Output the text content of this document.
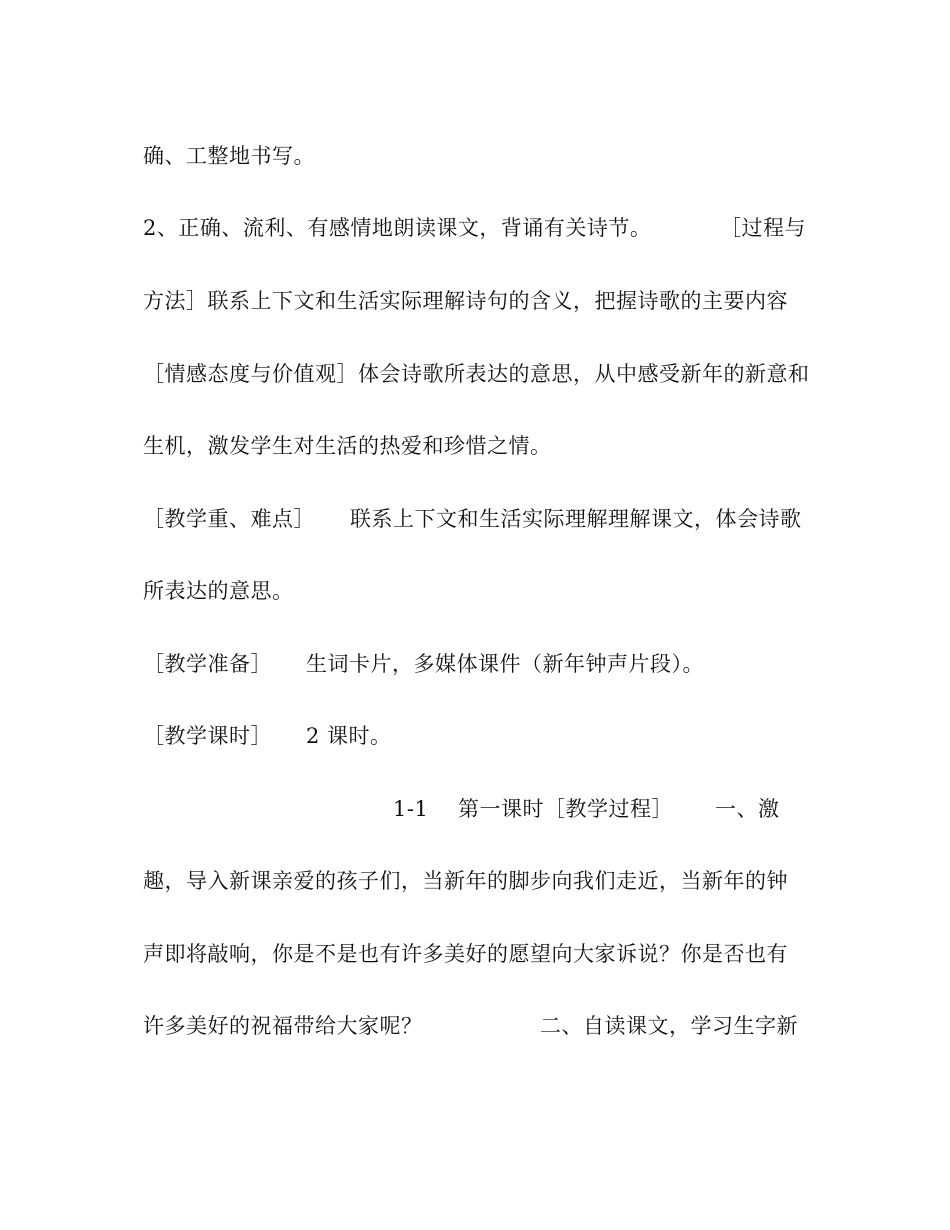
确、工整地书写。

2、正确、流利、有感情地朗读课文，背诵有关诗节。

	［过程与

方法］联系上下文和生活实际理解诗句的含义，把握诗歌的主要内容

［情感态度与价值观］体会诗歌所表达的意思，从中感受新年的新意和

生机，激发学生对生活的热爱和珍惜之情。

［教学重、难点］

联系上下文和生活实际理解理解课文，体会诗歌

所表达的意思。

［教学准备］

生词卡片，多媒体课件（新年钟声片段）。

［教学课时］

2 课时。

1-1

第一课时［教学过程］

一、激

趣，导入新课亲爱的孩子们，当新年的脚步向我们走近，当新年的钟

声即将敲响，你是不是也有许多美好的愿望向大家诉说？你是否也有

许多美好的祝福带给大家呢？

	二、自读课文，学习生字新
